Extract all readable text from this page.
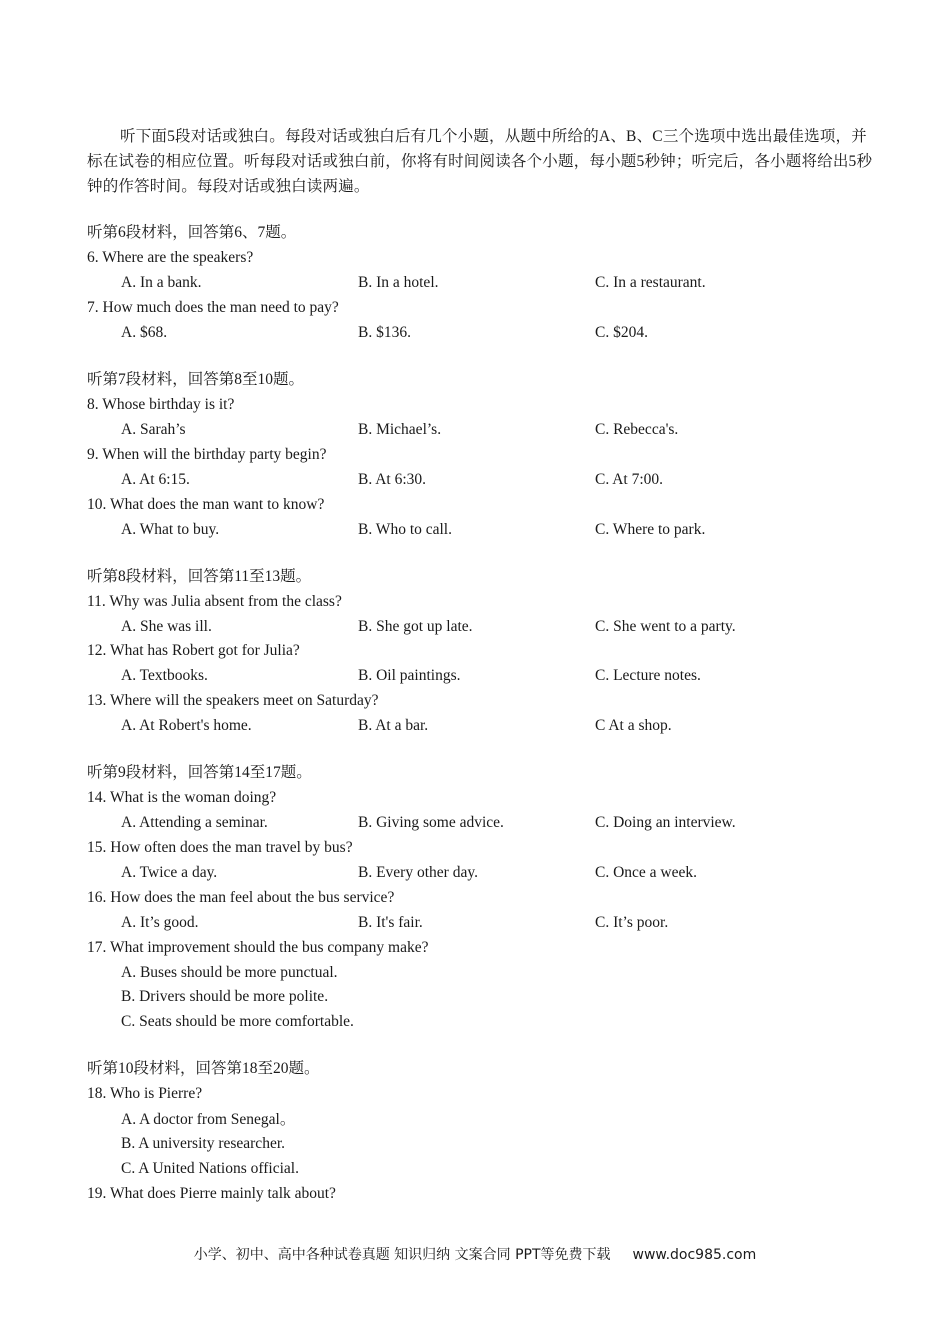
听下面5段对话或独白。每段对话或独白后有几个小题，从题中所给的A、B、C三个选项中选出最佳选项，并标在试卷的相应位置。听每段对话或独白前，你将有时间阅读各个小题，每小题5秒钟；听完后，各小题将给出5秒钟的作答时间。每段对话或独白读两遍。
听第6段材料，回答第6、7题。
6. Where are the speakers?
A. In a bank.	B. In a hotel.	C. In a restaurant.
7. How much does the man need to pay?
A. $68.	B. $136.	C. $204.
听第7段材料，回答第8至10题。
8. Whose birthday is it?
A. Sarah’s	B. Michael’s.	C. Rebecca's.
9. When will the birthday party begin?
A. At 6:15.	B. At 6:30.	C. At 7:00.
10. What does the man want to know?
A. What to buy.	B. Who to call.	C. Where to park.
听第8段材料，回答第11至13题。
11. Why was Julia absent from the class?
A. She was ill.	B. She got up late.	C. She went to a party.
12. What has Robert got for Julia?
A. Textbooks.	B. Oil paintings.	C. Lecture notes.
13. Where will the speakers meet on Saturday?
A. At Robert's home.	B. At a bar.	C At a shop.
听第9段材料，回答第14至17题。
14. What is the woman doing?
A. Attending a seminar.	B. Giving some advice.	C. Doing an interview.
15. How often does the man travel by bus?
A. Twice a day.	B. Every other day.	C. Once a week.
16. How does the man feel about the bus service?
A. It’s good.	B. It's fair.	C. It’s poor.
17. What improvement should the bus company make?
A. Buses should be more punctual.
B. Drivers should be more polite.
C. Seats should be more comfortable.
听第10段材料，回答第18至20题。
18. Who is Pierre?
A. A doctor from Senegal。
B. A university researcher.
C. A United Nations official.
19. What does Pierre mainly talk about?
小学、初中、高中各种试卷真题 知识归纳 文案合同 PPT等免费下载 www.doc985.com
